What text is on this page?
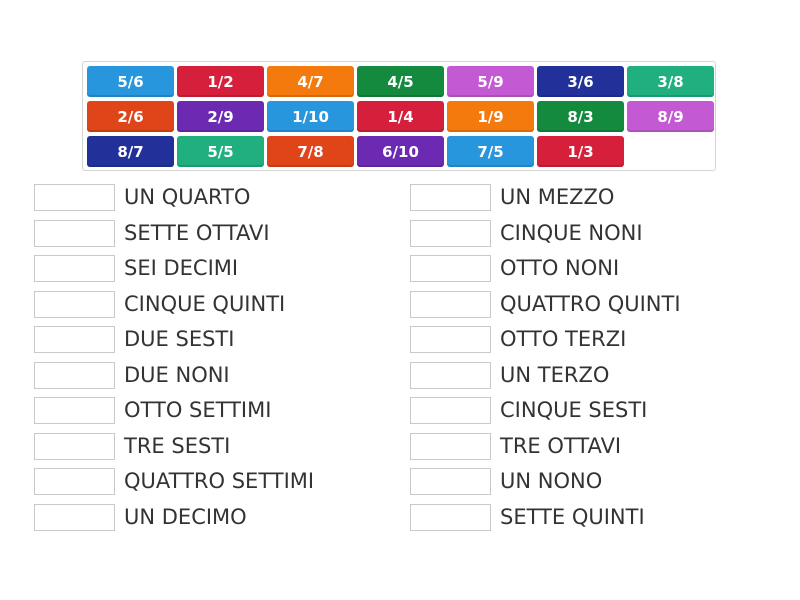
5/6	1/2	4/7	4/5	5/9	3/6	3/8
2/6	2/9	1/10	1/4	1/9	8/3	8/9
8/7	5/5	7/8	6/10	7/5	1/3
UN QUARTO
SETTE OTTAVI
SEI DECIMI
CINQUE QUINTI
DUE SESTI
DUE NONI
OTTO SETTIMI
TRE SESTI
QUATTRO SETTIMI
UN DECIMO
UN MEZZO
CINQUE NONI
OTTO NONI
QUATTRO QUINTI
OTTO TERZI
UN TERZO
CINQUE SESTI
TRE OTTAVI
UN NONO
SETTE QUINTI
